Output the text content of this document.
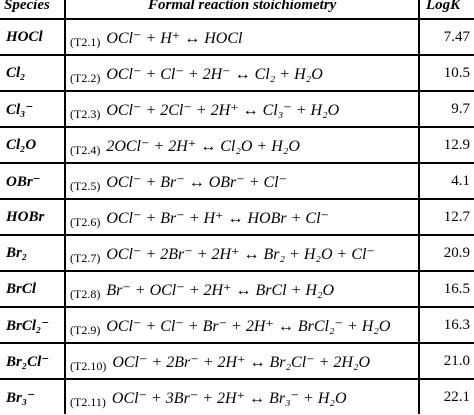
Species	Formal reaction stoichiometry	LogK
HOCl	(T2.1) OCl⁻ + H⁺ ↔ HOCl	7.47
Cl₂	(T2.2) OCl⁻ + Cl⁻ + 2H⁻ ↔ Cl₂ + H₂O	10.5
Cl₃⁻	(T2.3) OCl⁻ + 2Cl⁻ + 2H⁺ ↔ Cl₃⁻ + H₂O	9.7
Cl₂O	(T2.4) 2OCl⁻ + 2H⁺ ↔ Cl₂O + H₂O	12.9
OBr⁻	(T2.5) OCl⁻ + Br⁻ ↔ OBr⁻ + Cl⁻	4.1
HOBr	(T2.6) OCl⁻ + Br⁻ + H⁺ ↔ HOBr + Cl⁻	12.7
Br₂	(T2.7) OCl⁻ + 2Br⁻ + 2H⁺ ↔ Br₂ + H₂O + Cl⁻	20.9
BrCl	(T2.8) Br⁻ + OCl⁻ + 2H⁺ ↔ BrCl + H₂O	16.5
BrCl₂⁻	(T2.9) OCl⁻ + Cl⁻ + Br⁻ + 2H⁺ ↔ BrCl₂⁻ + H₂O	16.3
Br₂Cl⁻	(T2.10) OCl⁻ + 2Br⁻ + 2H⁺ ↔ Br₂Cl⁻ + 2H₂O	21.0
Br₃⁻	(T2.11) OCl⁻ + 3Br⁻ + 2H⁺ ↔ Br₃⁻ + H₂O	22.1
